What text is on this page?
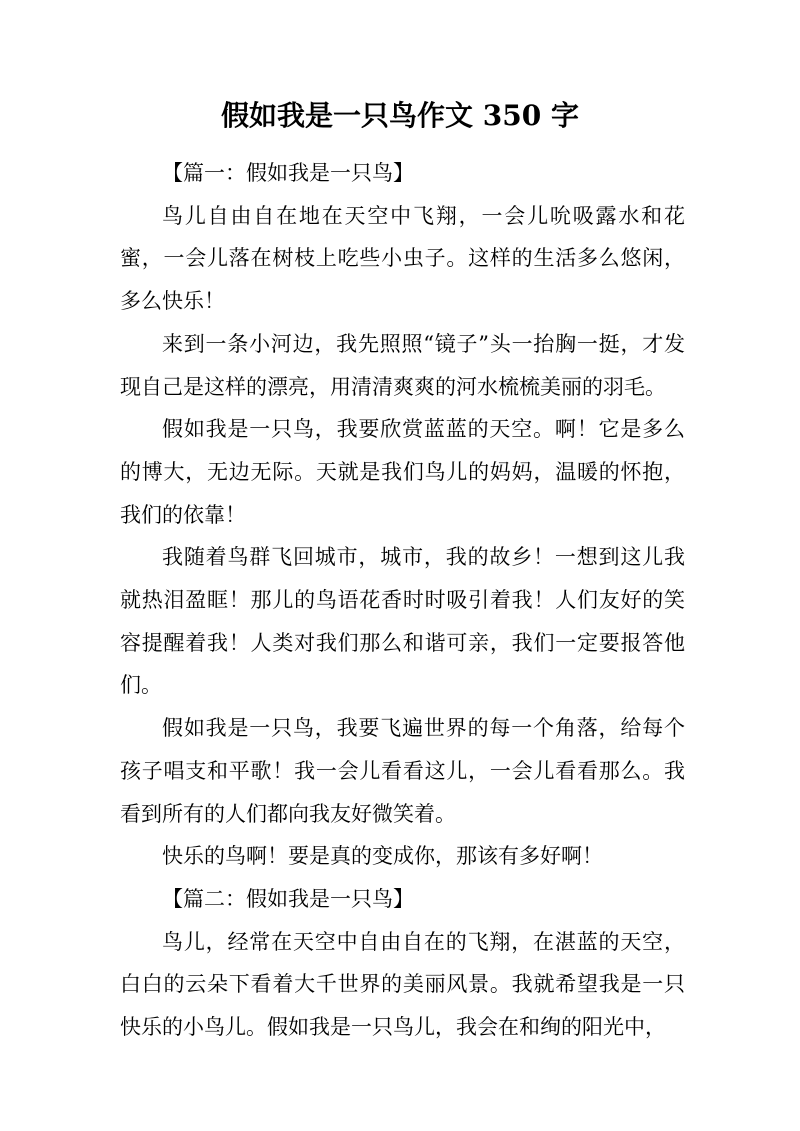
假如我是一只鸟作文 350 字

【篇一：假如我是一只鸟】

鸟儿自由自在地在天空中飞翔，一会儿吮吸露水和花蜜，一会儿落在树枝上吃些小虫子。这样的生活多么悠闲，多么快乐！

来到一条小河边，我先照照“镜子”头一抬胸一挺，才发现自己是这样的漂亮，用清清爽爽的河水梳梳美丽的羽毛。

假如我是一只鸟，我要欣赏蓝蓝的天空。啊！它是多么的博大，无边无际。天就是我们鸟儿的妈妈，温暖的怀抱，我们的依靠！

我随着鸟群飞回城市，城市，我的故乡！一想到这儿我就热泪盈眶！那儿的鸟语花香时时吸引着我！人们友好的笑容提醒着我！人类对我们那么和谐可亲，我们一定要报答他们。

假如我是一只鸟，我要飞遍世界的每一个角落，给每个孩子唱支和平歌！我一会儿看看这儿，一会儿看看那么。我看到所有的人们都向我友好微笑着。

快乐的鸟啊！要是真的变成你，那该有多好啊！

【篇二：假如我是一只鸟】

鸟儿，经常在天空中自由自在的飞翔，在湛蓝的天空，白白的云朵下看着大千世界的美丽风景。我就希望我是一只快乐的小鸟儿。假如我是一只鸟儿，我会在和绚的阳光中，
